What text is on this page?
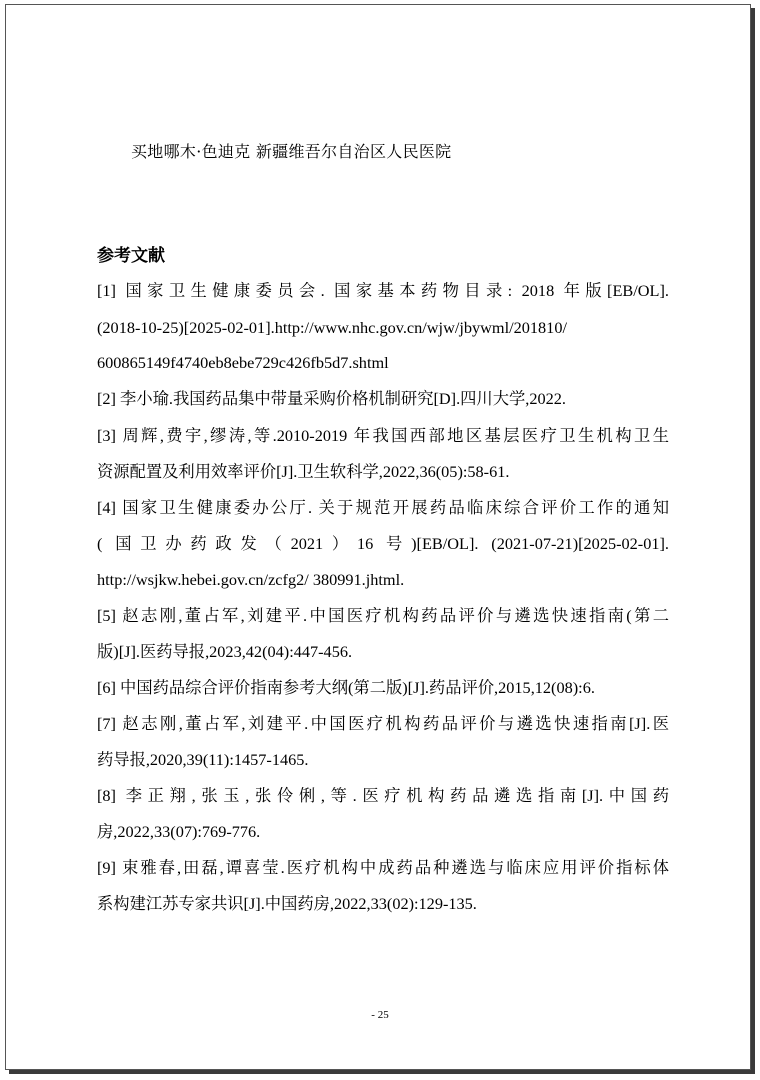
买地哪木·色迪克 新疆维吾尔自治区人民医院
参考文献
[1] 国家卫生健康委员会. 国家基本药物目录: 2018 年版[EB/OL].
(2018-10-25)[2025-02-01].http://www.nhc.gov.cn/wjw/jbywml/201810/
600865149f4740eb8ebe729c426fb5d7.shtml
[2] 李小瑜.我国药品集中带量采购价格机制研究[D].四川大学,2022.
[3] 周辉,费宇,缪涛,等.2010-2019 年我国西部地区基层医疗卫生机构卫生
资源配置及利用效率评价[J].卫生软科学,2022,36(05):58-61.
[4] 国家卫生健康委办公厅. 关于规范开展药品临床综合评价工作的通知
( 国卫办药政发（2021）16 号)[EB/OL]. (2021-07-21)[2025-02-01].
http://wsjkw.hebei.gov.cn/zcfg2/ 380991.jhtml.
[5] 赵志刚,董占军,刘建平.中国医疗机构药品评价与遴选快速指南(第二
版)[J].医药导报,2023,42(04):447-456.
[6] 中国药品综合评价指南参考大纲(第二版)[J].药品评价,2015,12(08):6.
[7] 赵志刚,董占军,刘建平.中国医疗机构药品评价与遴选快速指南[J].医
药导报,2020,39(11):1457-1465.
[8] 李正翔,张玉,张伶俐,等.医疗机构药品遴选指南[J].中国药
房,2022,33(07):769-776.
[9] 束雅春,田磊,谭喜莹.医疗机构中成药品种遴选与临床应用评价指标体
系构建江苏专家共识[J].中国药房,2022,33(02):129-135.
- 25
